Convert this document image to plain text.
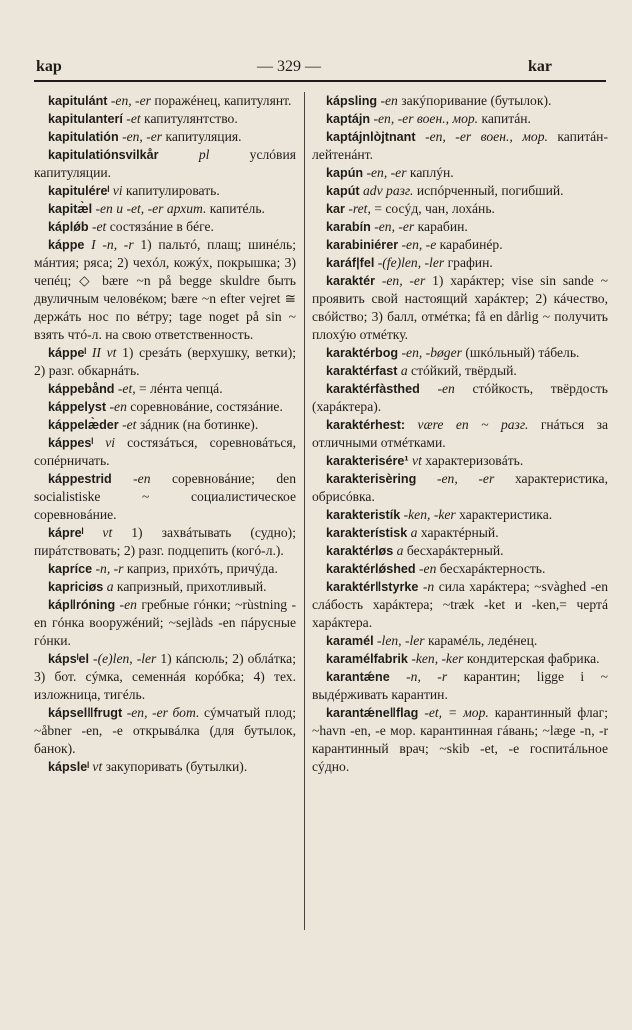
kap	— 329 —	kar

kapitulánt -en, -er поражéнец, капитулянт.

kapitulanterí -et капитулянтство.

kapitulatión -en, -er капитуляция.

kapitulatiónsvilkår	pl	услóвия капитуляции.

kapituléreˡ vi капитулировать.

kapitæ̀l -en и -et, -er архит. капитéль.

káplǿb -et состязáние в бéге.

káppe I -n, -r 1) пальтó, плащ; шинéль; мáнтия; ряса; 2) чехóл, кожýх, покрышка; 3) чепéц; ◇ bære ~n på begge skuldre быть двуличным человéком; bære ~n efter vejret ≅ держáть нос по вéтру; tage noget på sin ~ взять чтó-л. на свою ответственность.

káppeˡ II vt 1) срезáть (верхушку, ветки); 2) разг. обкарнáть.

káppebånd -et, = лéнта чепцá.

káppelyst -en соревновáние, состязáние.

káppelæ̀der -et зáдник (на ботинке).

káppesˡ vi состязáться, соревновáться, сопéрничать.

káppestrid -en соревновáние; den socialistiske ~ социалистическое соревновáние.

kápreˡ vt 1) захвáтывать (судно); пирáтствовать; 2) разг. подцепить (когó-л.).

kapríce -n, -r каприз, прихóть, причýда.

kapriciøs a капризный, прихотливый.

káp‖róning -en гребные гóнки; ~rùstning -en гóнка вооружéний; ~sejlàds -en пáрусные гóнки.

kápsˡel -(e)len, -ler 1) кáпсюль; 2) облáтка; 3) бот. сýмка, семеннáя корóбка; 4) тех. изложница, тигéль.

kápsel‖frugt -en, -er бот. сýмчатый плод; ~åbner -en, -e открывáлка (для бутылок, банок).

kápsleˡ vt закупоривать (бутылки).

kápsling -en закýпоривание (бутылок).

kaptájn -en, -er воен., мор. капитáн.

kaptájnlòjtnant -en, -er воен., мор. капитáн-лейтенáнт.

kapún -en, -er каплýн.

kapút adv разг. испóрченный, погибший.

kar -ret, = сосýд, чан, лохáнь.

karabín -en, -er карабин.

karabiniérer -en, -e карабинéр.

karáf|fel -(fe)len, -ler графин.

karaktér -en, -er 1) харáктер; vise sin sande ~ проявить свой настоящий харáктер; 2) кáчество, свóйство; 3) балл, отмéтка; få en dårlig ~ получить плохýю отмéтку.

karaktérbog -en, -bøger (шкóльный) тáбель.

karaktérfast a стóйкий, твёрдый.

karaktérfàsthed -en стóйкость, твёрдость (харáктера).

karaktérhest: være en ~ разг. гнáться за отличными отмéтками.

karakterisére¹ vt характеризовáть.

karakterisèring -en, -er характеристика, обрисóвка.

karakteristík -ken, -ker характеристика.

karakterístisk a характéрный.

karaktérløs a бесхарáктерный.

karaktérlǿshed -en бесхарáктерность.

karaktér‖styrke -n сила харáктера; ~svàghed -en слáбость харáктера; ~træk -ket и -ken,= чертá харáктера.

karamél -len, -ler карамéль, ледéнец.

karamélfabrik -ken, -ker кондитерская фабрика.

karantǽne -n, -r карантин; ligge i ~ выдéрживать карантин.

karantǽne‖flag -et, = мор. карантинный флаг; ~havn -en, -e мор. карантинная гáвань; ~læge -n, -r карантинный врач; ~skib -et, -e госпитáльное сýдно.
